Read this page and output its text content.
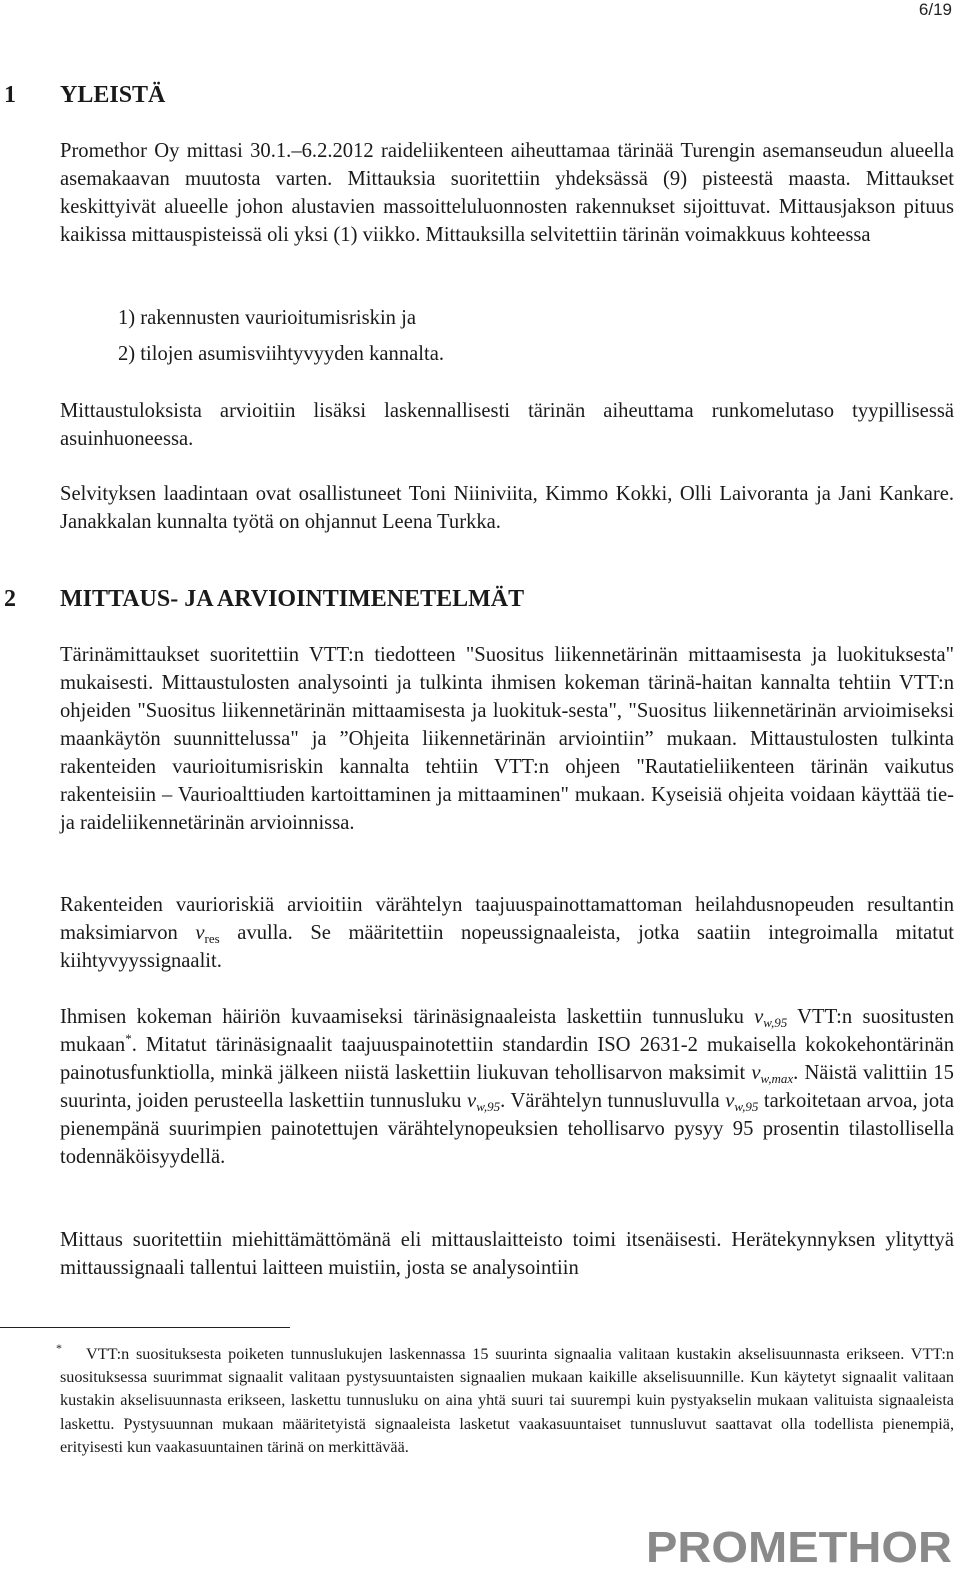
6/19
1 YLEISTÄ

Promethor Oy mittasi 30.1.–6.2.2012 raideliikenteen aiheuttamaa tärinää Turengin asemanseudun alueella asemakaavan muutosta varten. Mittauksia suoritettiin yhdeksässä (9) pisteestä maasta. Mittaukset keskittyivät alueelle johon alustavien massoitteluluonnosten rakennukset sijoittuvat. Mittausjakson pituus kaikissa mittauspisteissä oli yksi (1) viikko. Mittauksilla selvitettiin tärinän voimakkuus kohteessa

1) rakennusten vaurioitumisriskin ja
2) tilojen asumisviihtyvyyden kannalta.

Mittaustuloksista arvioitiin lisäksi laskennallisesti tärinän aiheuttama runkomelutaso tyypillisessä asuinhuoneessa.

Selvityksen laadintaan ovat osallistuneet Toni Niiniviita, Kimmo Kokki, Olli Laivoranta ja Jani Kankare. Janakkalan kunnalta työtä on ohjannut Leena Turkka.

2 MITTAUS- JA ARVIOINTIMENETELMÄT

Tärinämittaukset suoritettiin VTT:n tiedotteen "Suositus liikennetärinän mittaamisesta ja luokituksesta" mukaisesti. Mittaustulosten analysointi ja tulkinta ihmisen kokeman tärinä-haitan kannalta tehtiin VTT:n ohjeiden "Suositus liikennetärinän mittaamisesta ja luokituk-sesta", "Suositus liikennetärinän arvioimiseksi maankäytön suunnittelussa" ja ”Ohjeita liikennetärinän arviointiin” mukaan. Mittaustulosten tulkinta rakenteiden vaurioitumisriskin kannalta tehtiin VTT:n ohjeen "Rautatieliikenteen tärinän vaikutus rakenteisiin – Vaurioalttiuden kartoittaminen ja mittaaminen" mukaan. Kyseisiä ohjeita voidaan käyttää tie- ja raideliikennetärinän arvioinnissa.

Rakenteiden vaurioriskiä arvioitiin värähtelyn taajuuspainottamattoman heilahdusnopeuden resultantin maksimiarvon $v_{res}$ avulla. Se määritettiin nopeussignaaleista, jotka saatiin integroimalla mitatut kiihtyvyyssignaalit.

Ihmisen kokeman häiriön kuvaamiseksi tärinäsignaaleista laskettiin tunnusluku $v_{w,95}$ VTT:n suositusten mukaan*. Mitatut tärinäsignaalit taajuuspainotettiin standardin ISO 2631-2 mukaisella kokokehontärinän painotusfunktiolla, minkä jälkeen niistä laskettiin liukuvan tehollisarvon maksimit $v_{w,max}$. Näistä valittiin 15 suurinta, joiden perusteella laskettiin tunnusluku $v_{w,95}$. Värähtelyn tunnusluvulla $v_{w,95}$ tarkoitetaan arvoa, jota pienempänä suurimpien painotettujen värähtelynopeuksien tehollisarvo pysyy 95 prosentin tilastollisella todennäköisyydellä.

Mittaus suoritettiin miehittämättömänä eli mittauslaitteisto toimi itsenäisesti. Herätekynnyksen ylityttyä mittaussignaali tallentui laitteen muistiin, josta se analysointiin

* VTT:n suosituksesta poiketen tunnuslukujen laskennassa 15 suurinta signaalia valitaan kustakin akselisuunnasta erikseen. VTT:n suosituksessa suurimmat signaalit valitaan pystysuuntaisten signaalien mukaan kaikille akselisuunnille. Kun käytetyt signaalit valitaan kustakin akselisuunnasta erikseen, laskettu tunnusluku on aina yhtä suuri tai suurempi kuin pystyakselin mukaan valituista signaaleista laskettu. Pystysuunnan mukaan määritetyistä signaaleista lasketut vaakasuuntaiset tunnusluvut saattavat olla todellista pienempiä, erityisesti kun vaakasuuntainen tärinä on merkittävää.

PROMETHOR
